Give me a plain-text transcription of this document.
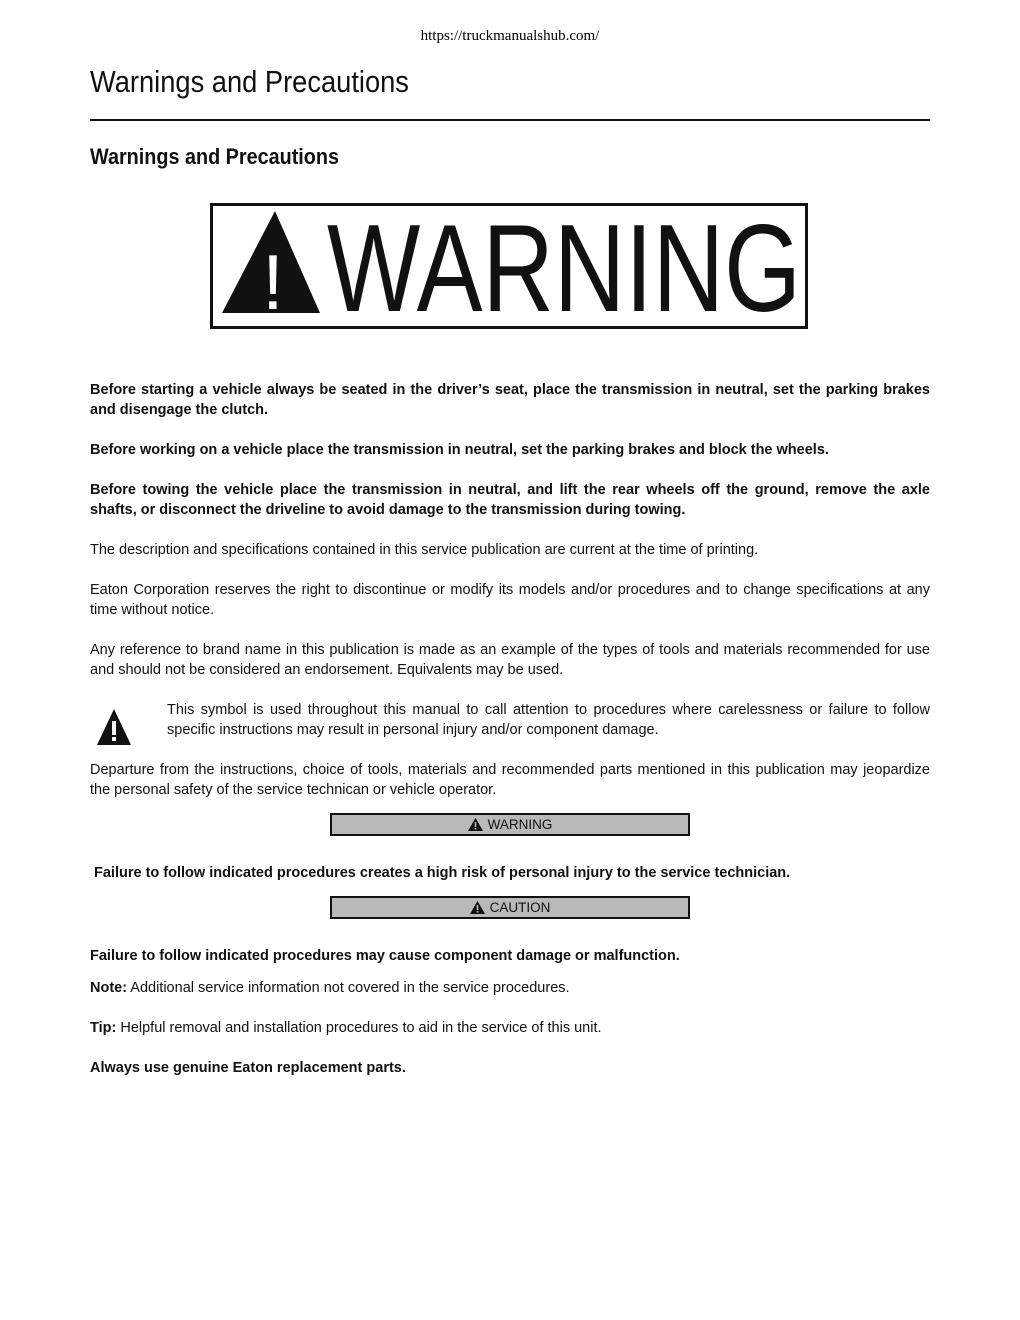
https://truckmanualshub.com/
Warnings and Precautions
Warnings and Precautions
! WARNING

Before starting a vehicle always be seated in the driver’s seat, place the transmission in neutral, set the parking brakes and disengage the clutch.

Before working on a vehicle place the transmission in neutral, set the parking brakes and block the wheels.

Before towing the vehicle place the transmission in neutral, and lift the rear wheels off the ground, remove the axle shafts, or disconnect the driveline to avoid damage to the transmission during towing.

The description and specifications contained in this service publication are current at the time of printing.

Eaton Corporation reserves the right to discontinue or modify its models and/or procedures and to change specifications at any time without notice.

Any reference to brand name in this publication is made as an example of the types of tools and materials recommended for use and should not be considered an endorsement. Equivalents may be used.

This symbol is used throughout this manual to call attention to procedures where carelessness or failure to follow specific instructions may result in personal injury and/or component damage.

Departure from the instructions, choice of tools, materials and recommended parts mentioned in this publication may jeopardize the personal safety of the service technican or vehicle operator.

WARNING

Failure to follow indicated procedures creates a high risk of personal injury to the service technician.

CAUTION

Failure to follow indicated procedures may cause component damage or malfunction.

Note: Additional service information not covered in the service procedures.

Tip: Helpful removal and installation procedures to aid in the service of this unit.

Always use genuine Eaton replacement parts.
